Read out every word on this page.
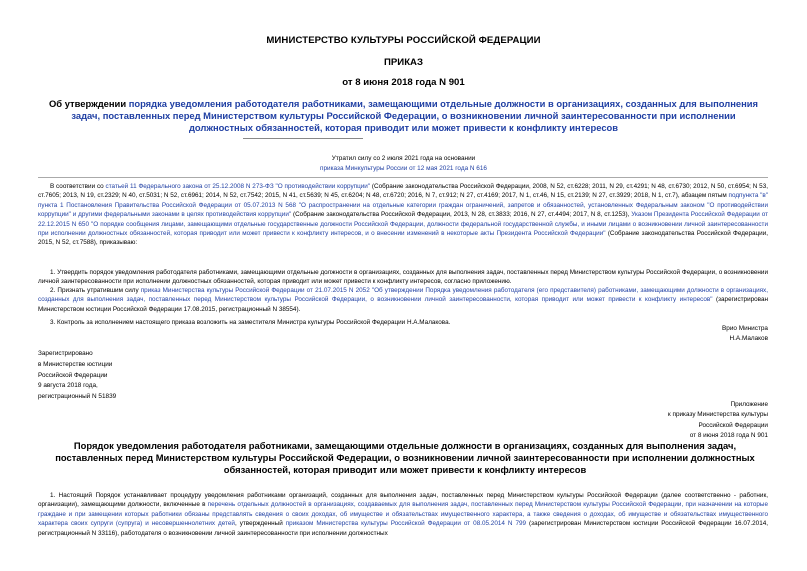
МИНИСТЕРСТВО КУЛЬТУРЫ РОССИЙСКОЙ ФЕДЕРАЦИИ
ПРИКАЗ
от 8 июня 2018 года N 901
Об утверждении порядка уведомления работодателя работниками, замещающими отдельные должности в организациях, созданных для выполнения задач, поставленных перед Министерством культуры Российской Федерации, о возникновении личной заинтересованности при исполнении должностных обязанностей, которая приводит или может привести к конфликту интересов
Утратил силу со 2 июля 2021 года на основании
приказа Минкультуры России от 12 мая 2021 года N 616
В соответствии со статьей 11 Федерального закона от 25.12.2008 N 273-ФЗ "О противодействии коррупции" (Собрание законодательства Российской Федерации, 2008, N 52, ст.6228; 2011, N 29, ст.4291; N 48, ст.6730; 2012, N 50, ст.6954; N 53, ст.7605; 2013, N 19, ст.2329; N 40, ст.5031; N 52, ст.6961; 2014, N 52, ст.7542; 2015, N 41, ст.5639; N 45, ст.6204; N 48, ст.6720; 2016, N 7, ст.912; N 27, ст.4169; 2017, N 1, ст.46, N 15, ст.2139; N 27, ст.3929; 2018, N 1, ст.7), абзацем пятым подпункта "в" пункта 1 Постановления Правительства Российской Федерации от 05.07.2013 N 568 "О распространении на отдельные категории граждан ограничений, запретов и обязанностей, установленных Федеральным законом "О противодействии коррупции" и другими федеральными законами в целях противодействия коррупции" (Собрание законодательства Российской Федерации, 2013, N 28, ст.3833; 2016, N 27, ст.4494; 2017, N 8, ст.1253), Указом Президента Российской Федерации от 22.12.2015 N 650 "О порядке сообщения лицами, замещающими отдельные государственные должности Российской Федерации, должности федеральной государственной службы, и иными лицами о возникновении личной заинтересованности при исполнении должностных обязанностей, которая приводит или может привести к конфликту интересов, и о внесении изменений в некоторые акты Президента Российской Федерации" (Собрание законодательства Российской Федерации, 2015, N 52, ст.7588), приказываю:
1. Утвердить порядок уведомления работодателя работниками, замещающими отдельные должности в организациях, созданных для выполнения задач, поставленных перед Министерством культуры Российской Федерации, о возникновении личной заинтересованности при исполнении должностных обязанностей, которая приводит или может привести к конфликту интересов, согласно приложению.
2. Признать утратившим силу приказ Министерства культуры Российской Федерации от 21.07.2015 N 2052 "Об утверждении Порядка уведомления работодателя (его представителя) работниками, замещающими должности в организациях, созданных для выполнения задач, поставленных перед Министерством культуры Российской Федерации, о возникновении личной заинтересованности, которая приводит или может привести к конфликту интересов" (зарегистрирован Министерством юстиции Российской Федерации 17.08.2015, регистрационный N 38554).
3. Контроль за исполнением настоящего приказа возложить на заместителя Министра культуры Российской Федерации Н.А.Малакова.
Врио Министра
Н.А.Малаков
Зарегистрировано
в Министерстве юстиции
Российской Федерации
9 августа 2018 года,
регистрационный N 51839
Приложение
к приказу Министерства культуры
Российской Федерации
от 8 июня 2018 года N 901
Порядок уведомления работодателя работниками, замещающими отдельные должности в организациях, созданных для выполнения задач, поставленных перед Министерством культуры Российской Федерации, о возникновении личной заинтересованности при исполнении должностных обязанностей, которая приводит или может привести к конфликту интересов
1. Настоящий Порядок устанавливает процедуру уведомления работниками организаций, созданных для выполнения задач, поставленных перед Министерством культуры Российской Федерации (далее соответственно - работник, организации), замещающими должности, включенные в перечень отдельных должностей в организациях, создаваемых для выполнения задач, поставленных перед Министерством культуры Российской Федерации, при назначении на которые граждане и при замещении которых работники обязаны представлять сведения о своих доходах, об имуществе и обязательствах имущественного характера, а также сведения о доходах, об имуществе и обязательствах имущественного характера своих супруги (супруга) и несовершеннолетних детей, утвержденный приказом Министерства культуры Российской Федерации от 08.05.2014 N 799 (зарегистрирован Министерством юстиции Российской Федерации 16.07.2014, регистрационный N 33116), работодателя о возникновении личной заинтересованности при исполнении должностных
